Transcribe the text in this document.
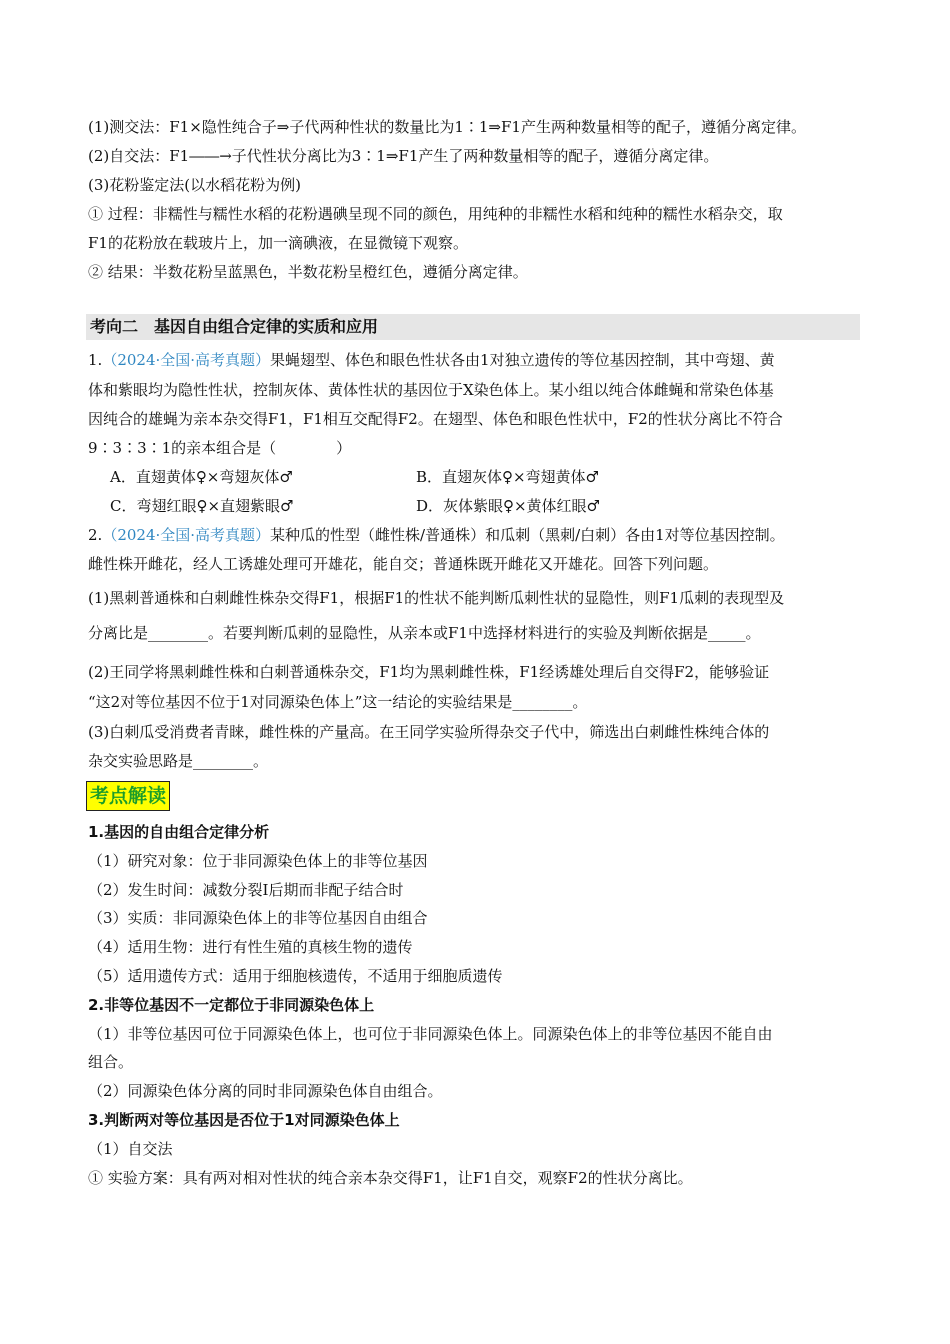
(1)测交法：F1×隐性纯合子⇒子代两种性状的数量比为1∶1⇒F1产生两种数量相等的配子，遵循分离定律。
(2)自交法：F1――→子代性状分离比为3∶1⇒F1产生了两种数量相等的配子，遵循分离定律。
(3)花粉鉴定法(以水稻花粉为例)
① 过程：非糯性与糯性水稻的花粉遇碘呈现不同的颜色，用纯种的非糯性水稻和纯种的糯性水稻杂交，取
F1的花粉放在载玻片上，加一滴碘液，在显微镜下观察。
② 结果：半数花粉呈蓝黑色，半数花粉呈橙红色，遵循分离定律。
考向二　基因自由组合定律的实质和应用
1.（2024·全国·高考真题）果蝇翅型、体色和眼色性状各由1对独立遗传的等位基因控制，其中弯翅、黄
体和紫眼均为隐性性状，控制灰体、黄体性状的基因位于X染色体上。某小组以纯合体雌蝇和常染色体基
因纯合的雄蝇为亲本杂交得F1，F1相互交配得F2。在翅型、体色和眼色性状中，F2的性状分离比不符合
9∶3∶3∶1的亲本组合是（　　　　）
A．直翅黄体♀×弯翅灰体♂	B．直翅灰体♀×弯翅黄体♂
C．弯翅红眼♀×直翅紫眼♂	D．灰体紫眼♀×黄体红眼♂
2.（2024·全国·高考真题）某种瓜的性型（雌性株/普通株）和瓜刺（黑刺/白刺）各由1对等位基因控制。
雌性株开雌花，经人工诱雄处理可开雄花，能自交；普通株既开雌花又开雄花。回答下列问题。
(1)黑刺普通株和白刺雌性株杂交得F1，根据F1的性状不能判断瓜刺性状的显隐性，则F1瓜刺的表现型及
分离比是________。若要判断瓜刺的显隐性，从亲本或F1中选择材料进行的实验及判断依据是_____。
(2)王同学将黑刺雌性株和白刺普通株杂交，F1均为黑刺雌性株，F1经诱雄处理后自交得F2，能够验证
“这2对等位基因不位于1对同源染色体上”这一结论的实验结果是________。
(3)白刺瓜受消费者青睐，雌性株的产量高。在王同学实验所得杂交子代中，筛选出白刺雌性株纯合体的
杂交实验思路是________。
考点解读
1.基因的自由组合定律分析
（1）研究对象：位于非同源染色体上的非等位基因
（2）发生时间：减数分裂Ⅰ后期而非配子结合时
（3）实质：非同源染色体上的非等位基因自由组合
（4）适用生物：进行有性生殖的真核生物的遗传
（5）适用遗传方式：适用于细胞核遗传，不适用于细胞质遗传
2.非等位基因不一定都位于非同源染色体上
（1）非等位基因可位于同源染色体上，也可位于非同源染色体上。同源染色体上的非等位基因不能自由
组合。
（2）同源染色体分离的同时非同源染色体自由组合。
3.判断两对等位基因是否位于1对同源染色体上
（1）自交法
① 实验方案：具有两对相对性状的纯合亲本杂交得F1，让F1自交，观察F2的性状分离比。
